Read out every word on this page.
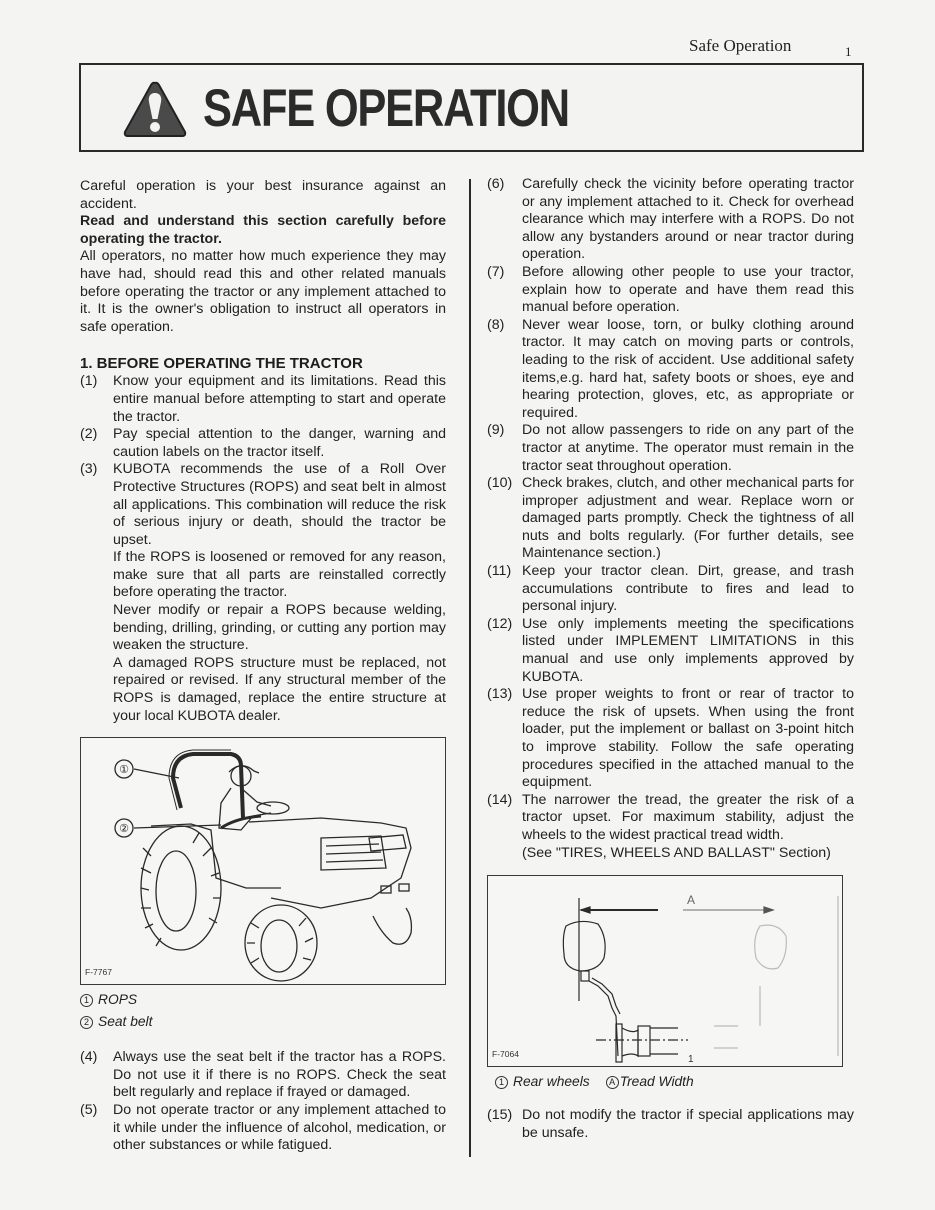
Safe Operation	1
SAFE OPERATION

Careful operation is your best insurance against an accident.

Read and understand this section carefully before operating the tractor.

All operators, no matter how much experience they may have had, should read this and other related manuals before operating the tractor or any implement attached to it. It is the owner's obligation to instruct all operators in safe operation.

1. BEFORE OPERATING THE TRACTOR
(1)	Know your equipment and its limitations. Read this entire manual before attempting to start and operate the tractor.
(2)	Pay special attention to the danger, warning and caution labels on the tractor itself.
(3)	KUBOTA recommends the use of a Roll Over Protective Structures (ROPS) and seat belt in almost all applications. This combination will reduce the risk of serious injury or death, should the tractor be upset.

If the ROPS is loosened or removed for any reason, make sure that all parts are reinstalled correctly before operating the tractor.

Never modify or repair a ROPS because welding, bending, drilling, grinding, or cutting any portion may weaken the structure.

A damaged ROPS structure must be replaced, not repaired or revised. If any structural member of the ROPS is damaged, replace the entire structure at your local KUBOTA dealer.

①
②
F-7767
1 ROPS
2 Seat belt
(4)	Always use the seat belt if the tractor has a ROPS. Do not use it if there is no ROPS. Check the seat belt regularly and replace if frayed or damaged.
(5)	Do not operate tractor or any implement attached to it while under the influence of alcohol, medication, or other substances or while fatigued.
(6)	Carefully check the vicinity before operating tractor or any implement attached to it. Check for overhead clearance which may interfere with a ROPS. Do not allow any bystanders around or near tractor during operation.
(7)	Before allowing other people to use your tractor, explain how to operate and have them read this manual before operation.
(8)	Never wear loose, torn, or bulky clothing around tractor. It may catch on moving parts or controls, leading to the risk of accident. Use additional safety items,e.g. hard hat, safety boots or shoes, eye and hearing protection, gloves, etc, as appropriate or required.
(9)	Do not allow passengers to ride on any part of the tractor at anytime. The operator must remain in the tractor seat throughout operation.
(10) Check brakes, clutch, and other mechanical parts for improper adjustment and wear. Replace worn or damaged parts promptly. Check the tightness of all nuts and bolts regularly. (For further details, see Maintenance section.)
(11) Keep your tractor clean. Dirt, grease, and trash accumulations contribute to fires and lead to personal injury.
(12) Use only implements meeting the specifications listed under IMPLEMENT LIMITATIONS in this manual and use only implements approved by KUBOTA.
(13) Use proper weights to front or rear of tractor to reduce the risk of upsets. When using the front loader, put the implement or ballast on 3-point hitch to improve stability. Follow the safe operating procedures specified in the attached manual to the equipment.
(14) The narrower the tread, the greater the risk of a tractor upset. For maximum stability, adjust the wheels to the widest practical tread width.
(See "TIRES, WHEELS AND BALLAST" Section)
A
1
F-7064
1 Rear wheels	A Tread Width
(15) Do not modify the tractor if special applications may be unsafe.
